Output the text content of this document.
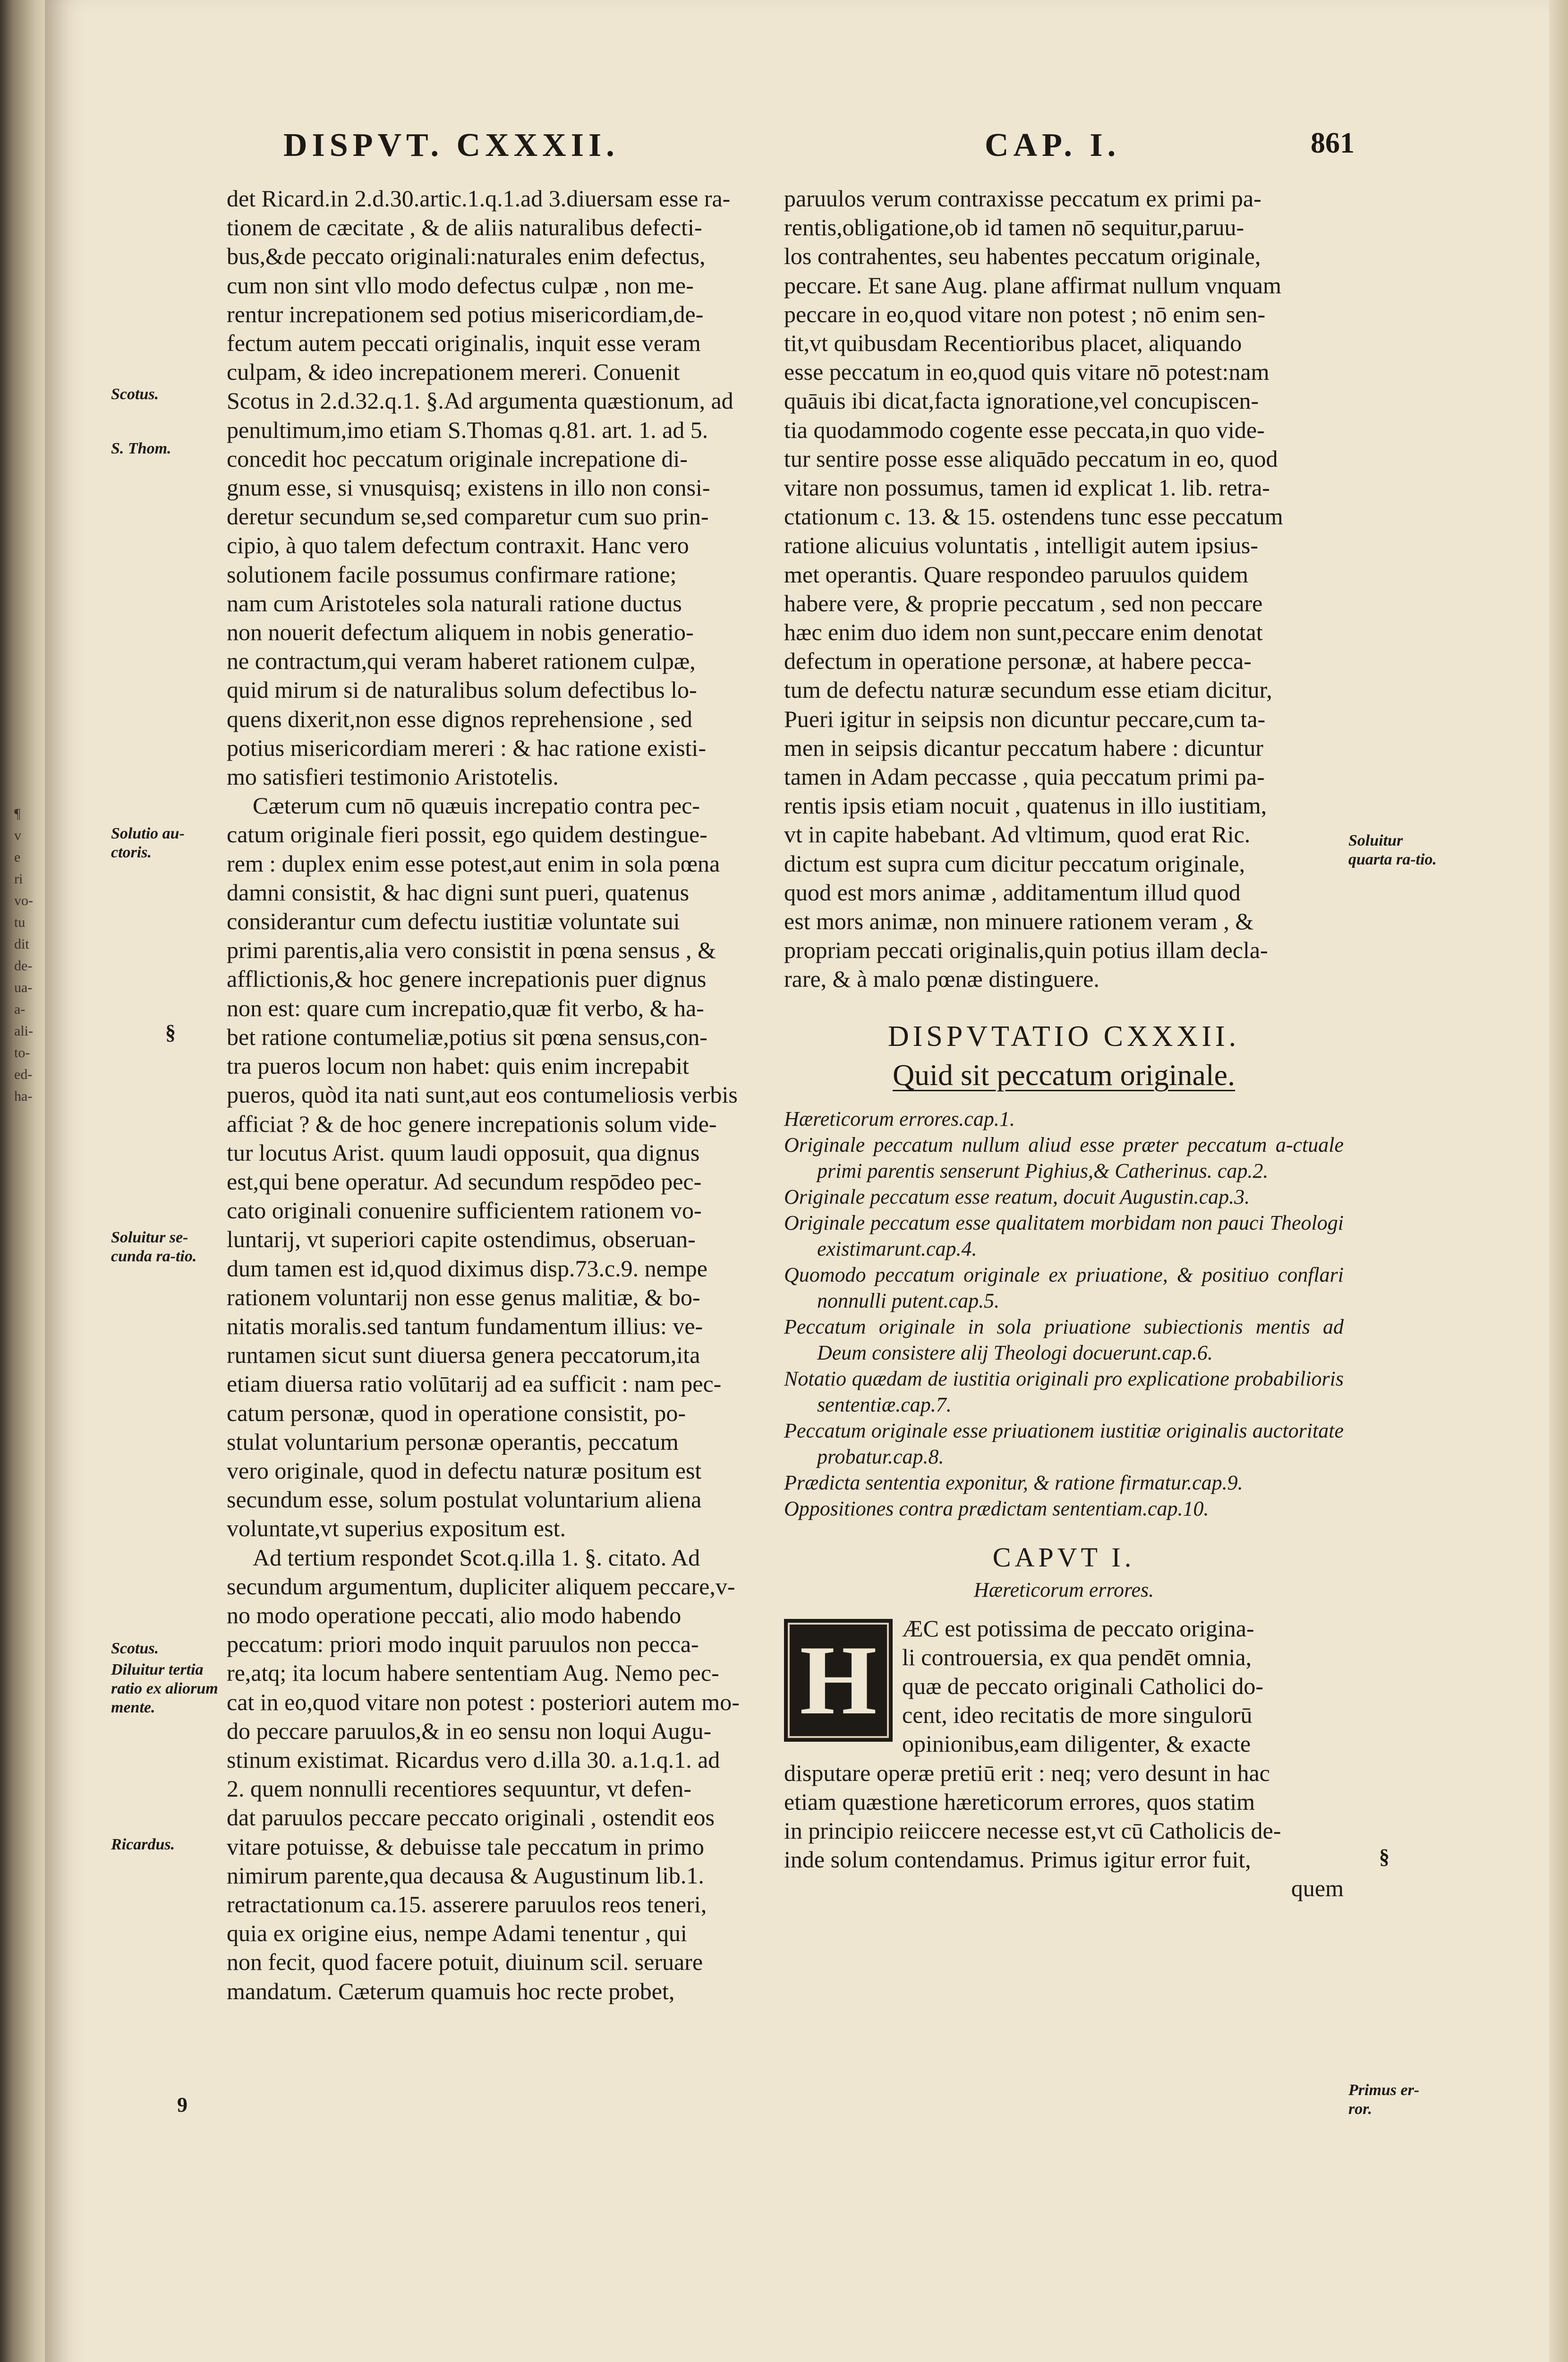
¶
v
e
ri
vo-
tu
dit
de-
ua-
a-
ali-
to-
ed-
ha-
DISPVT. CXXXII.	CAP. I.	861
Scotus.
S. Thom.
Solutio au-ctoris.
§
Soluitur se-cunda ra-tio.
Scotus.
Diluitur tertia ratio ex aliorum mente.
Ricardus.
9
Soluitur quarta ra-tio.
Primus er-ror.
§
det Ricard.in 2.d.30.artic.1.q.1.ad 3.diuersam esse ra-
tionem de cæcitate , & de aliis naturalibus defecti-
bus,&de peccato originali:naturales enim defectus,
cum non sint vllo modo defectus culpæ , non me-
rentur increpationem sed potius misericordiam,de-
fectum autem peccati originalis, inquit esse veram
culpam, & ideo increpationem mereri. Conuenit
Scotus in 2.d.32.q.1. §.Ad argumenta quæstionum, ad
penultimum,imo etiam S.Thomas q.81. art. 1. ad 5.
concedit hoc peccatum originale increpatione di-
gnum esse, si vnusquisq; existens in illo non consi-
deretur secundum se,sed comparetur cum suo prin-
cipio, à quo talem defectum contraxit. Hanc vero
solutionem facile possumus confirmare ratione;
nam cum Aristoteles sola naturali ratione ductus
non nouerit defectum aliquem in nobis generatio-
ne contractum,qui veram haberet rationem culpæ,
quid mirum si de naturalibus solum defectibus lo-
quens dixerit,non esse dignos reprehensione , sed
potius misericordiam mereri : & hac ratione existi-
mo satisfieri testimonio Aristotelis.
Cæterum cum nō quæuis increpatio contra pec-
catum originale fieri possit, ego quidem destingue-
rem : duplex enim esse potest,aut enim in sola pœna
damni consistit, & hac digni sunt pueri, quatenus
considerantur cum defectu iustitiæ voluntate sui
primi parentis,alia vero consistit in pœna sensus , &
afflictionis,& hoc genere increpationis puer dignus
non est: quare cum increpatio,quæ fit verbo, & ha-
bet ratione contumeliæ,potius sit pœna sensus,con-
tra pueros locum non habet: quis enim increpabit
pueros, quòd ita nati sunt,aut eos contumeliosis verbis
afficiat ? & de hoc genere increpationis solum vide-
tur locutus Arist. quum laudi opposuit, qua dignus
est,qui bene operatur. Ad secundum respōdeo pec-
cato originali conuenire sufficientem rationem vo-
luntarij, vt superiori capite ostendimus, obseruan-
dum tamen est id,quod diximus disp.73.c.9. nempe
rationem voluntarij non esse genus malitiæ, & bo-
nitatis moralis.sed tantum fundamentum illius: ve-
runtamen sicut sunt diuersa genera peccatorum,ita
etiam diuersa ratio volūtarij ad ea sufficit : nam pec-
catum personæ, quod in operatione consistit, po-
stulat voluntarium personæ operantis, peccatum
vero originale, quod in defectu naturæ positum est
secundum esse, solum postulat voluntarium aliena
voluntate,vt superius expositum est.
Ad tertium respondet Scot.q.illa 1. §. citato. Ad
secundum argumentum, dupliciter aliquem peccare,v-
no modo operatione peccati, alio modo habendo
peccatum: priori modo inquit paruulos non pecca-
re,atq; ita locum habere sententiam Aug. Nemo pec-
cat in eo,quod vitare non potest : posteriori autem mo-
do peccare paruulos,& in eo sensu non loqui Augu-
stinum existimat. Ricardus vero d.illa 30. a.1.q.1. ad
2. quem nonnulli recentiores sequuntur, vt defen-
dat paruulos peccare peccato originali , ostendit eos
vitare potuisse, & debuisse tale peccatum in primo
nimirum parente,qua decausa & Augustinum lib.1.
retractationum ca.15. asserere paruulos reos teneri,
quia ex origine eius, nempe Adami tenentur , qui
non fecit, quod facere potuit, diuinum scil. seruare
mandatum. Cæterum quamuis hoc recte probet,
paruulos verum contraxisse peccatum ex primi pa-
rentis,obligatione,ob id tamen nō sequitur,paruu-
los contrahentes, seu habentes peccatum originale,
peccare. Et sane Aug. plane affirmat nullum vnquam
peccare in eo,quod vitare non potest ; nō enim sen-
tit,vt quibusdam Recentioribus placet, aliquando
esse peccatum in eo,quod quis vitare nō potest:nam
quāuis ibi dicat,facta ignoratione,vel concupiscen-
tia quodammodo cogente esse peccata,in quo vide-
tur sentire posse esse aliquādo peccatum in eo, quod
vitare non possumus, tamen id explicat 1. lib. retra-
ctationum c. 13. & 15. ostendens tunc esse peccatum
ratione alicuius voluntatis , intelligit autem ipsius-
met operantis. Quare respondeo paruulos quidem
habere vere, & proprie peccatum , sed non peccare
hæc enim duo idem non sunt,peccare enim denotat
defectum in operatione personæ, at habere pecca-
tum de defectu naturæ secundum esse etiam dicitur,
Pueri igitur in seipsis non dicuntur peccare,cum ta-
men in seipsis dicantur peccatum habere : dicuntur
tamen in Adam peccasse , quia peccatum primi pa-
rentis ipsis etiam nocuit , quatenus in illo iustitiam,
vt in capite habebant. Ad vltimum, quod erat Ric.
dictum est supra cum dicitur peccatum originale,
quod est mors animæ , additamentum illud quod
est mors animæ, non minuere rationem veram , &
propriam peccati originalis,quin potius illam decla-
rare, & à malo pœnæ distinguere.
DISPVTATIO CXXXII.
Quid sit peccatum originale.
Hæreticorum errores.cap.1.
Originale peccatum nullum aliud esse præter peccatum a-ctuale primi parentis senserunt Pighius,& Catherinus. cap.2.
Originale peccatum esse reatum, docuit Augustin.cap.3.
Originale peccatum esse qualitatem morbidam non pauci Theologi existimarunt.cap.4.
Quomodo peccatum originale ex priuatione, & positiuo conflari nonnulli putent.cap.5.
Peccatum originale in sola priuatione subiectionis mentis ad Deum consistere alij Theologi docuerunt.cap.6.
Notatio quædam de iustitia originali pro explicatione probabilioris sententiæ.cap.7.
Peccatum originale esse priuationem iustitiæ originalis auctoritate probatur.cap.8.
Prædicta sententia exponitur, & ratione firmatur.cap.9.
Oppositiones contra prædictam sententiam.cap.10.
CAPVT I.
Hæreticorum errores.
H	ÆC est potissima de peccato origina-
li controuersia, ex qua pendēt omnia,
quæ de peccato originali Catholici do-
cent, ideo recitatis de more singulorū
opinionibus,eam diligenter, & exacte
disputare operæ pretiū erit : neq; vero desunt in hac
etiam quæstione hæreticorum errores, quos statim
in principio reiiccere necesse est,vt cū Catholicis de-
inde solum contendamus. Primus igitur error fuit,
quem
